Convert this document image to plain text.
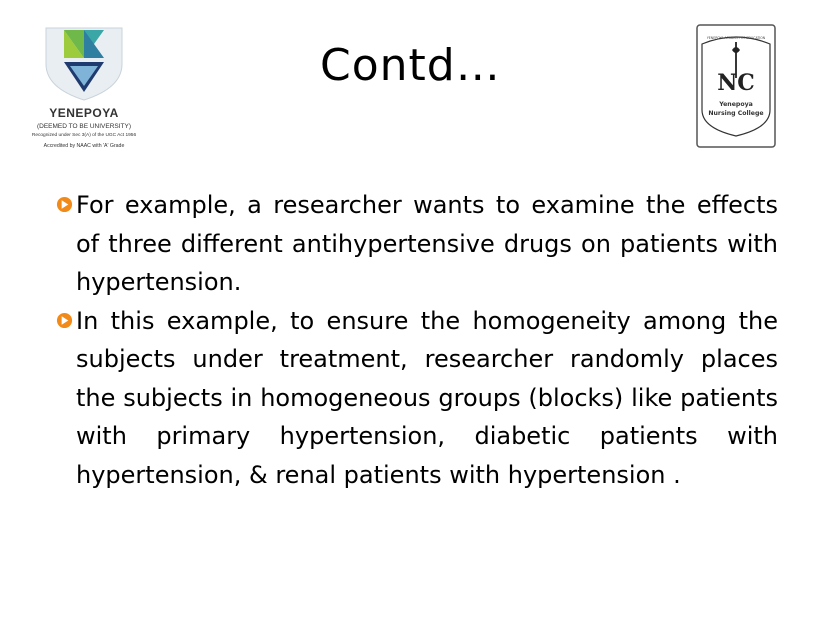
YENEPOYA
(DEEMED TO BE UNIVERSITY)
Recognized under Sec 3(A) of the UGC Act 1956
Accredited by NAAC with 'A' Grade
YENEPOYA ACADEMY OF EDUCATION
NC
Yenepoya
Nursing College
Contd…
For example, a researcher wants to examine the effects of three different antihypertensive drugs on patients with hypertension.
In this example, to ensure the homogeneity among the subjects under treatment, researcher randomly places the subjects in homogeneous groups (blocks) like patients with primary hypertension, diabetic patients with hypertension, & renal patients with hypertension .
